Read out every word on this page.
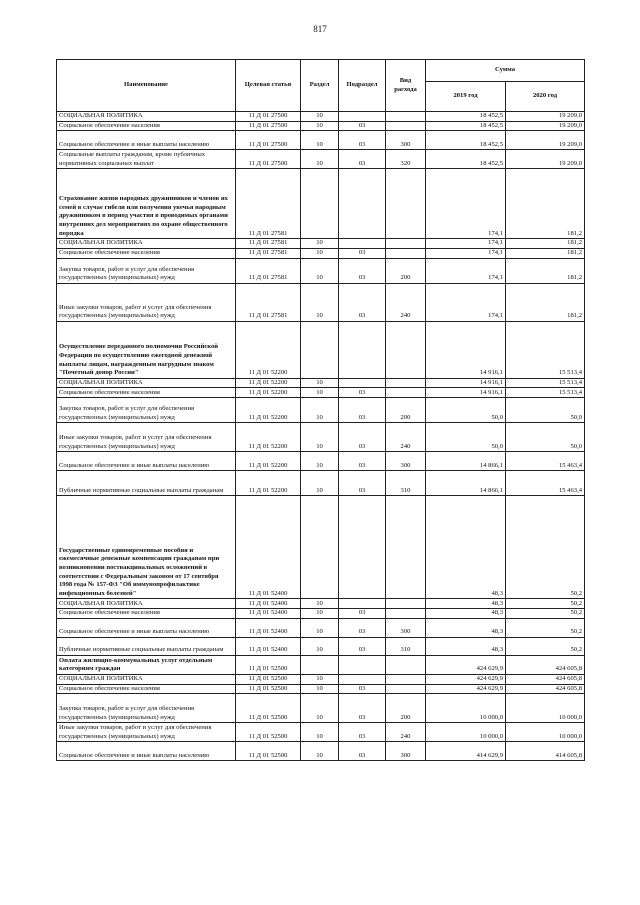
817
Наименование	Целевая статья	Раздел	Подраздел	Вид расхода	Сумма	
					2019 год	2020 год
СОЦИАЛЬНАЯ ПОЛИТИКА	11 Д 01 27500	10			18 452,5	19 209,0
Социальное обеспечение населения	11 Д 01 27500	10	03		18 452,5	19 209,0
Социальное обеспечение и иные выплаты населению	11 Д 01 27500	10	03	300	18 452,5	19 209,0
Социальные выплаты гражданам, кроме публичных нормативных социальных выплат	11 Д 01 27500	10	03	320	18 452,5	19 209,0
Страхование жизни народных дружинников и членов их семей в случае гибели или получения увечья народным дружинником в период участия в проводимых органами внутренних дел мероприятиях по охране общественного порядка	11 Д 01 27581				174,1	181,2
СОЦИАЛЬНАЯ ПОЛИТИКА	11 Д 01 27581	10			174,1	181,2
Социальное обеспечение населения	11 Д 01 27581	10	03		174,1	181,2
Закупка товаров, работ и услуг для обеспечения государственных (муниципальных) нужд	11 Д 01 27581	10	03	200	174,1	181,2
Иные закупки товаров, работ и услуг для обеспечения государственных (муниципальных) нужд	11 Д 01 27581	10	03	240	174,1	181,2
Осуществление переданного полномочия Российской Федерации по осуществлению ежегодной денежной выплаты лицам, награжденным нагрудным знаком "Почетный донор России"	11 Д 01 52200				14 916,1	15 513,4
СОЦИАЛЬНАЯ ПОЛИТИКА	11 Д 01 52200	10			14 916,1	15 513,4
Социальное обеспечение населения	11 Д 01 52200	10	03		14 916,1	15 513,4
Закупка товаров, работ и услуг для обеспечения государственных (муниципальных) нужд	11 Д 01 52200	10	03	200	50,0	50,0
Иные закупки товаров, работ и услуг для обеспечения государственных (муниципальных) нужд	11 Д 01 52200	10	03	240	50,0	50,0
Социальное обеспечение и иные выплаты населению	11 Д 01 52200	10	03	300	14 866,1	15 463,4
Публичные нормативные социальные выплаты гражданам	11 Д 01 52200	10	03	310	14 866,1	15 463,4
Государственные единовременные пособия и ежемесячные денежные компенсации гражданам при возникновении поствакцинальных осложнений в соответствии с Федеральным законом от 17 сентября 1998 года № 157-ФЗ "Об иммунопрофилактике инфекционных болезней"	11 Д 01 52400				48,3	50,2
СОЦИАЛЬНАЯ ПОЛИТИКА	11 Д 01 52400	10			48,3	50,2
Социальное обеспечение населения	11 Д 01 52400	10	03		48,3	50,2
Социальное обеспечение и иные выплаты населению	11 Д 01 52400	10	03	300	48,3	50,2
Публичные нормативные социальные выплаты гражданам	11 Д 01 52400	10	03	310	48,3	50,2
Оплата жилищно-коммунальных услуг отдельным категориям граждан	11 Д 01 52500				424 629,9	424 605,8
СОЦИАЛЬНАЯ ПОЛИТИКА	11 Д 01 52500	10			424 629,9	424 605,8
Социальное обеспечение населения	11 Д 01 52500	10	03		424 629,9	424 605,8
Закупка товаров, работ и услуг для обеспечения государственных (муниципальных) нужд	11 Д 01 52500	10	03	200	10 000,0	10 000,0
Иные закупки товаров, работ и услуг для обеспечения государственных (муниципальных) нужд	11 Д 01 52500	10	03	240	10 000,0	10 000,0
Социальное обеспечение и иные выплаты населению	11 Д 01 52500	10	03	300	414 629,9	414 605,8
